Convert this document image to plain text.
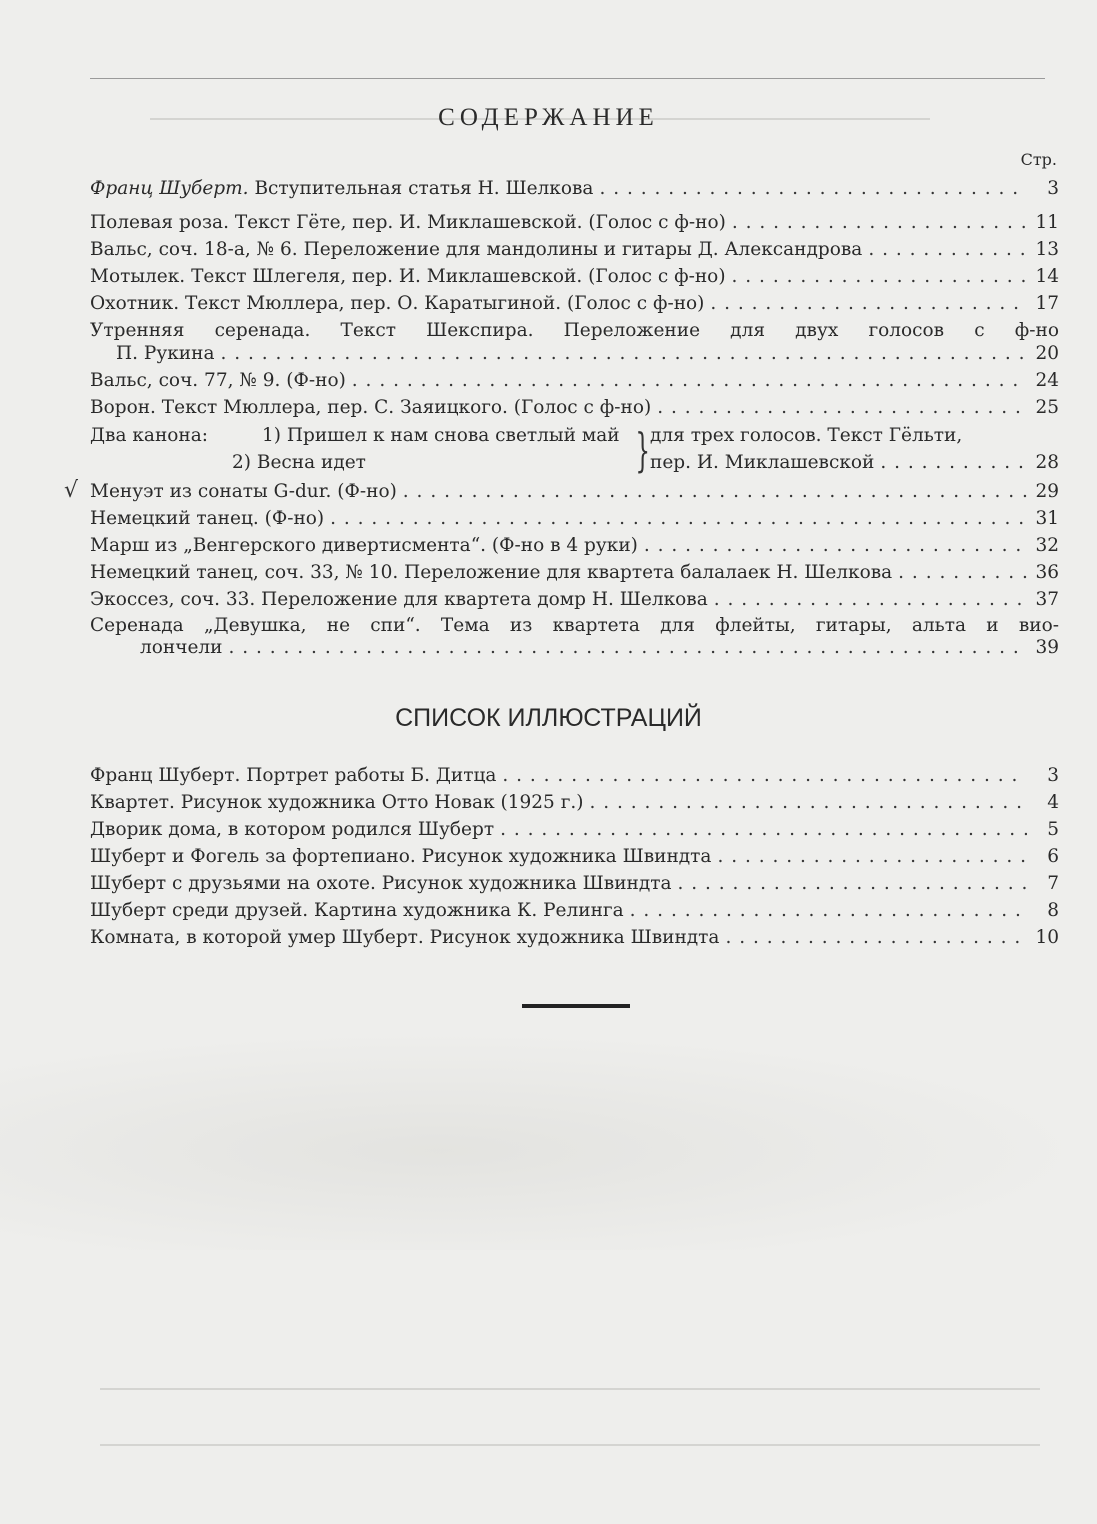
СОДЕРЖАНИЕ
Стр.
Франц Шуберт. Вступительная статья Н. Шелкова . . .	3
Полевая роза. Текст Гёте, пер. И. Миклашевской. (Голос с ф-но) . . .	11
Вальс, соч. 18-а, № 6. Переложение для мандолины и гитары Д. Александрова . . .	13
Мотылек. Текст Шлегеля, пер. И. Миклашевской. (Голос с ф-но) . . .	14
Охотник. Текст Мюллера, пер. О. Каратыгиной. (Голос с ф-но) . . .	17
Утренняя серенада. Текст Шекспира. Переложение для двух голосов с ф-но
П. Рукина . . .	20
Вальс, соч. 77, № 9. (Ф-но) . . .	24
Ворон. Текст Мюллера, пер. С. Заяицкого. (Голос с ф-но) . . .	25
Два канона:	1) Пришел к нам снова светлый май
2) Весна идет	} для трех голосов. Текст Гёльти,
пер. И. Миклашевской . . .	28
√ Менуэт из сонаты G-dur. (Ф-но) . . .	29
Немецкий танец. (Ф-но) . . .	31
Марш из „Венгерского дивертисмента“. (Ф-но в 4 руки) . . .	32
Немецкий танец, соч. 33, № 10. Переложение для квартета балалаек Н. Шелкова . . .	36
Экоссез, соч. 33. Переложение для квартета домр Н. Шелкова . . .	37
Серенада „Девушка, не спи“. Тема из квартета для флейты, гитары, альта и вио-
лончели . . .	39
СПИСОК ИЛЛЮСТРАЦИЙ
Франц Шуберт. Портрет работы Б. Дитца . . .	3
Квартет. Рисунок художника Отто Новак (1925 г.) . . .	4
Дворик дома, в котором родился Шуберт . . .	5
Шуберт и Фогель за фортепиано. Рисунок художника Швиндта . . .	6
Шуберт с друзьями на охоте. Рисунок художника Швиндта . . .	7
Шуберт среди друзей. Картина художника К. Релинга . . .	8
Комната, в которой умер Шуберт. Рисунок художника Швиндта . . .	10
